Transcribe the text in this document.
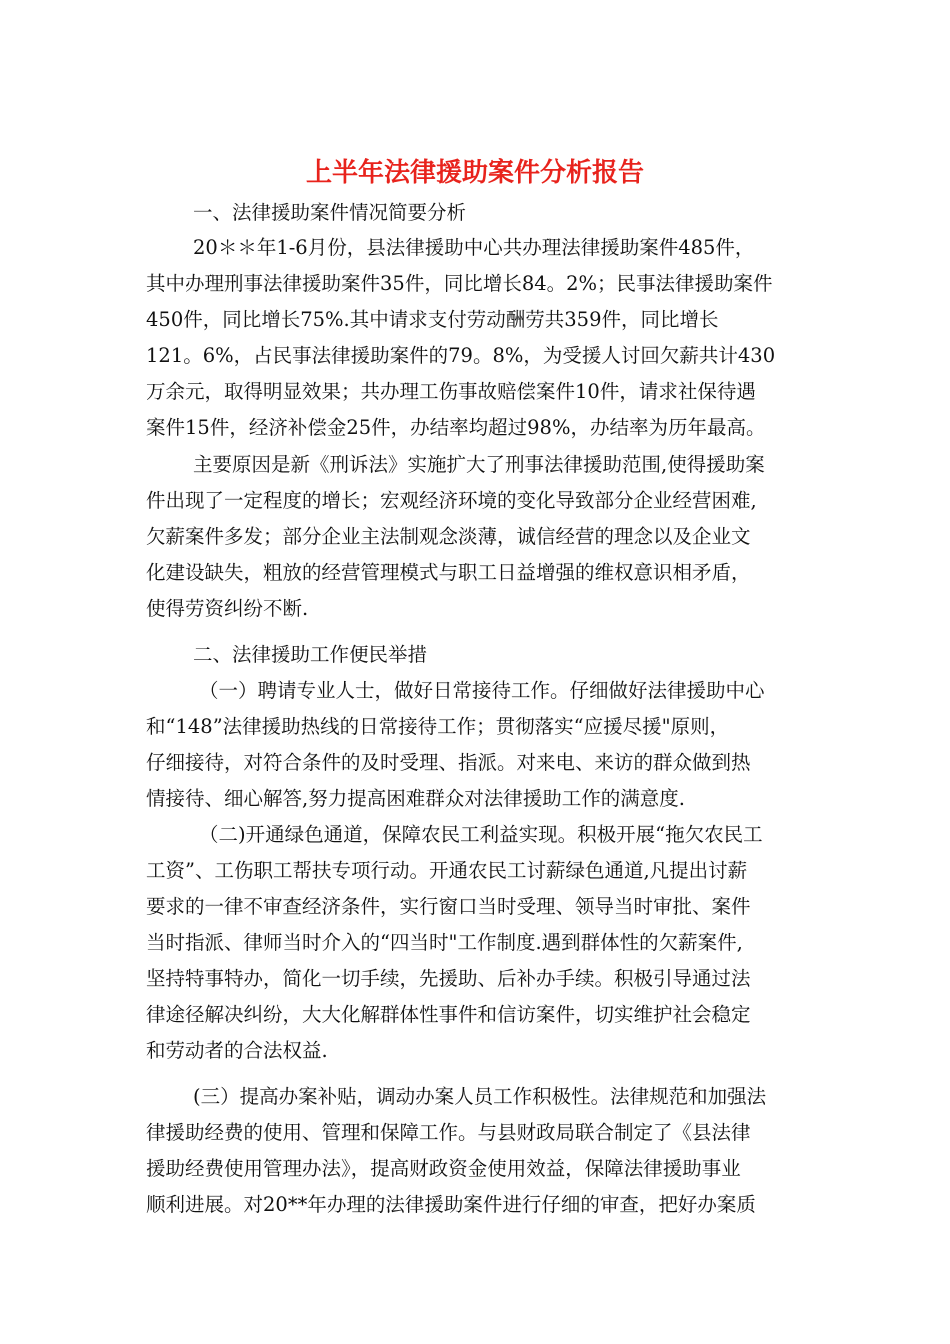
上半年法律援助案件分析报告
一、法律援助案件情况简要分析
20＊＊年1-6月份，县法律援助中心共办理法律援助案件485件，
其中办理刑事法律援助案件35件，同比增长84。2%；民事法律援助案件
450件，同比增长75%.其中请求支付劳动酬劳共359件，同比增长
121。6%，占民事法律援助案件的79。8%，为受援人讨回欠薪共计430
万余元，取得明显效果；共办理工伤事故赔偿案件10件，请求社保待遇
案件15件，经济补偿金25件，办结率均超过98%，办结率为历年最高。
主要原因是新《刑诉法》实施扩大了刑事法律援助范围,使得援助案
件出现了一定程度的增长；宏观经济环境的变化导致部分企业经营困难,
欠薪案件多发；部分企业主法制观念淡薄，诚信经营的理念以及企业文
化建设缺失，粗放的经营管理模式与职工日益增强的维权意识相矛盾，
使得劳资纠纷不断.
二、法律援助工作便民举措
（一）聘请专业人士，做好日常接待工作。仔细做好法律援助中心
和“148”法律援助热线的日常接待工作；贯彻落实“应援尽援"原则，
仔细接待，对符合条件的及时受理、指派。对来电、来访的群众做到热
情接待、细心解答,努力提高困难群众对法律援助工作的满意度.
（二)开通绿色通道，保障农民工利益实现。积极开展“拖欠农民工
工资”、工伤职工帮扶专项行动。开通农民工讨薪绿色通道,凡提出讨薪
要求的一律不审查经济条件，实行窗口当时受理、领导当时审批、案件
当时指派、律师当时介入的“四当时"工作制度.遇到群体性的欠薪案件,
坚持特事特办，简化一切手续，先援助、后补办手续。积极引导通过法
律途径解决纠纷，大大化解群体性事件和信访案件，切实维护社会稳定
和劳动者的合法权益.
(三）提高办案补贴，调动办案人员工作积极性。法律规范和加强法
律援助经费的使用、管理和保障工作。与县财政局联合制定了《县法律
援助经费使用管理办法》，提高财政资金使用效益，保障法律援助事业
顺利进展。对20**年办理的法律援助案件进行仔细的审查，把好办案质
